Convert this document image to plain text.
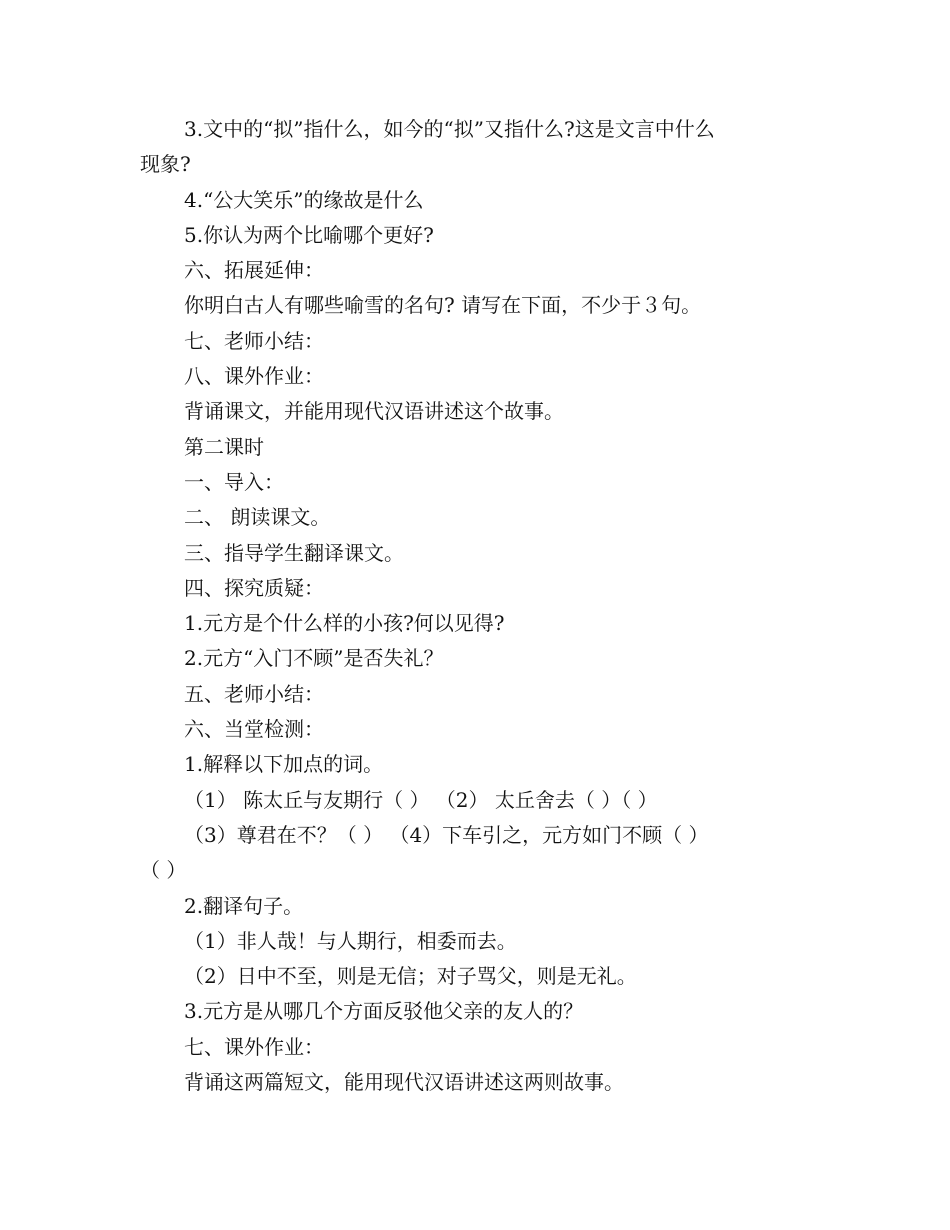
3.文中的“拟”指什么，如今的“拟”又指什么?这是文言中什么
现象?
4.“公大笑乐”的缘故是什么
5.你认为两个比喻哪个更好?
六、拓展延伸：
你明白古人有哪些喻雪的名句? 请写在下面，不少于３句。
七、老师小结：
八、课外作业：
背诵课文，并能用现代汉语讲述这个故事。
第二课时
一、导入：
二、 朗读课文。
三、指导学生翻译课文。
四、探究质疑：
1.元方是个什么样的小孩?何以见得?
2.元方“入门不顾”是否失礼？
五、老师小结：
六、当堂检测：
1.解释以下加点的词。
（1） 陈太丘与友期行（ ） （2） 太丘舍去（ ）（ ）
（3）尊君在不？（ ） （4）下车引之，元方如门不顾（ ）
（ ）
2.翻译句子。
（1）非人哉！与人期行，相委而去。
（2）日中不至，则是无信；对子骂父，则是无礼。
3.元方是从哪几个方面反驳他父亲的友人的？
七、课外作业：
背诵这两篇短文，能用现代汉语讲述这两则故事。
